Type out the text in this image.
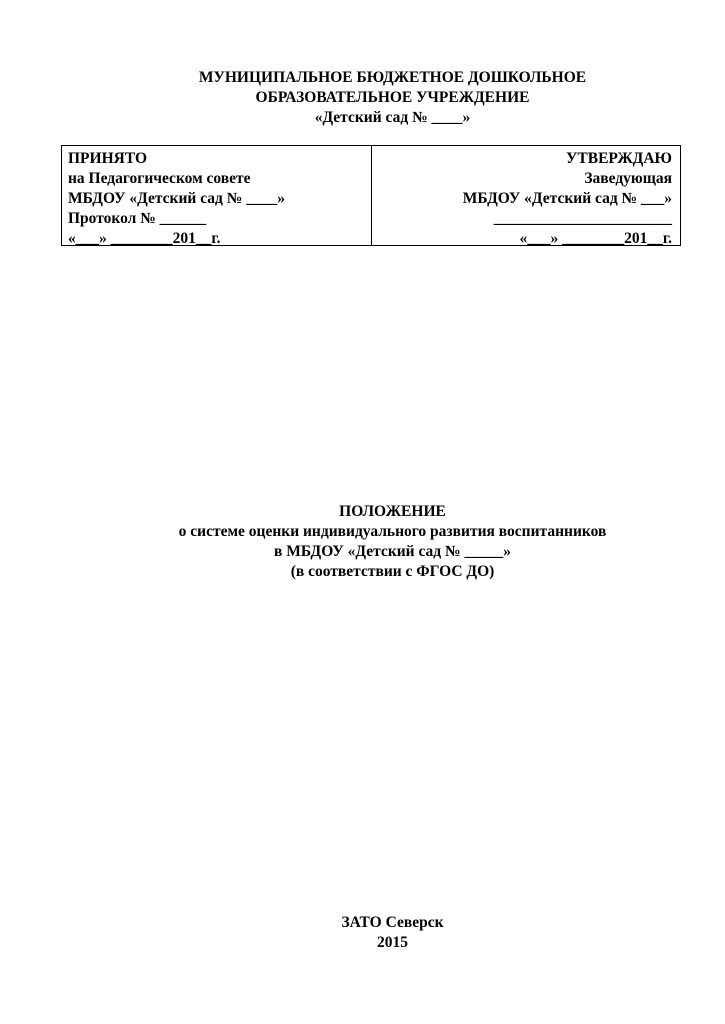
МУНИЦИПАЛЬНОЕ БЮДЖЕТНОЕ ДОШКОЛЬНОЕ
ОБРАЗОВАТЕЛЬНОЕ УЧРЕЖДЕНИЕ
«Детский сад № ____»
ПРИНЯТО
на Педагогическом совете
МБДОУ «Детский сад № ____»
Протокол № ______
«___» ________201__г.
УТВЕРЖДАЮ
Заведующая
МБДОУ «Детский сад № ___»
_______________________
«___» ________201__г.
ПОЛОЖЕНИЕ
о системе оценки индивидуального развития воспитанников
в МБДОУ «Детский сад № _____»
(в соответствии с ФГОС ДО)
ЗАТО Северск
2015
